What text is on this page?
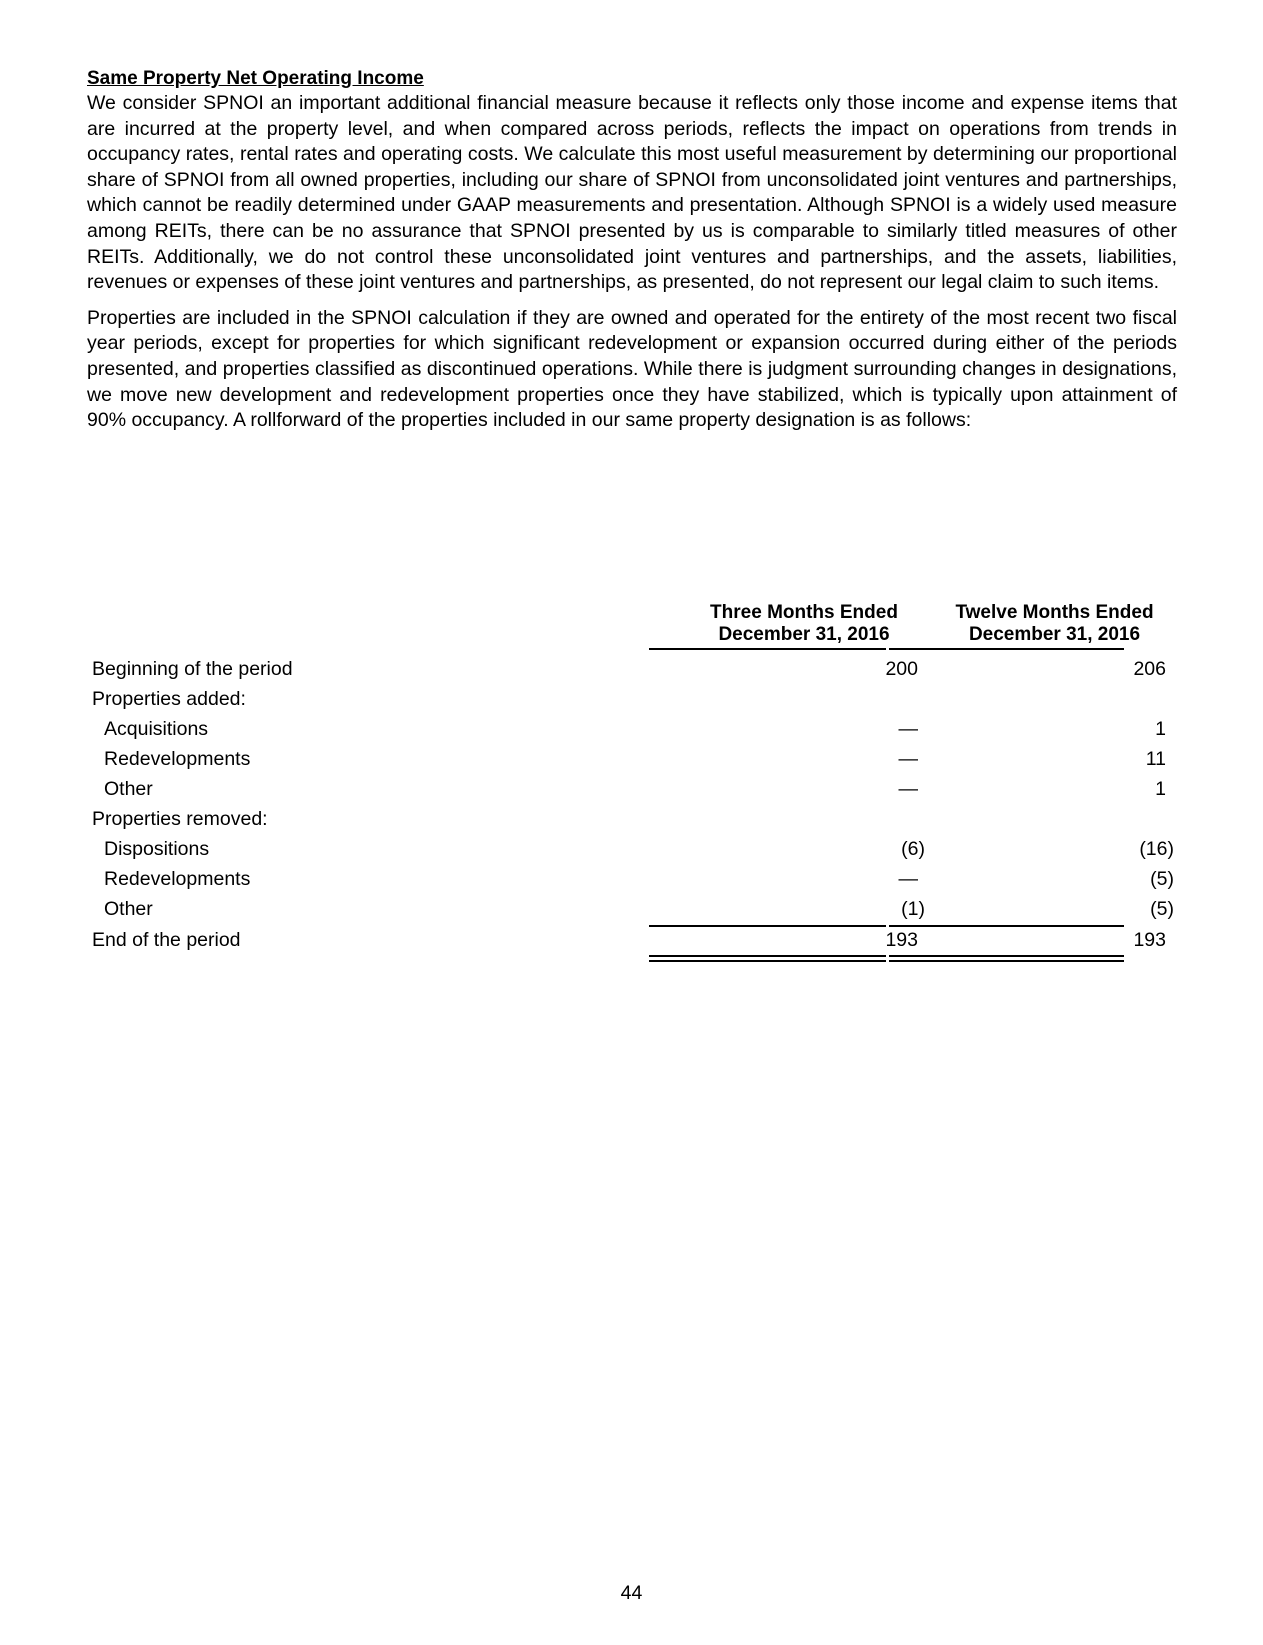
Same Property Net Operating Income

We consider SPNOI an important additional financial measure because it reflects only those income and expense items that are incurred at the property level, and when compared across periods, reflects the impact on operations from trends in occupancy rates, rental rates and operating costs. We calculate this most useful measurement by determining our proportional share of SPNOI from all owned properties, including our share of SPNOI from unconsolidated joint ventures and partnerships, which cannot be readily determined under GAAP measurements and presentation. Although SPNOI is a widely used measure among REITs, there can be no assurance that SPNOI presented by us is comparable to similarly titled measures of other REITs. Additionally, we do not control these unconsolidated joint ventures and partnerships, and the assets, liabilities, revenues or expenses of these joint ventures and partnerships, as presented, do not represent our legal claim to such items.

Properties are included in the SPNOI calculation if they are owned and operated for the entirety of the most recent two fiscal year periods, except for properties for which significant redevelopment or expansion occurred during either of the periods presented, and properties classified as discontinued operations. While there is judgment surrounding changes in designations, we move new development and redevelopment properties once they have stabilized, which is typically upon attainment of 90% occupancy. A rollforward of the properties included in our same property designation is as follows:

Three Months Ended
December 31, 2016
Twelve Months Ended
December 31, 2016
Beginning of the period	200	206
Properties added:
Acquisitions	—	1
Redevelopments	—	11
Other	—	1
Properties removed:
Dispositions	(6)	(16)
Redevelopments	—	(5)
Other	(1)	(5)
End of the period	193	193
44
